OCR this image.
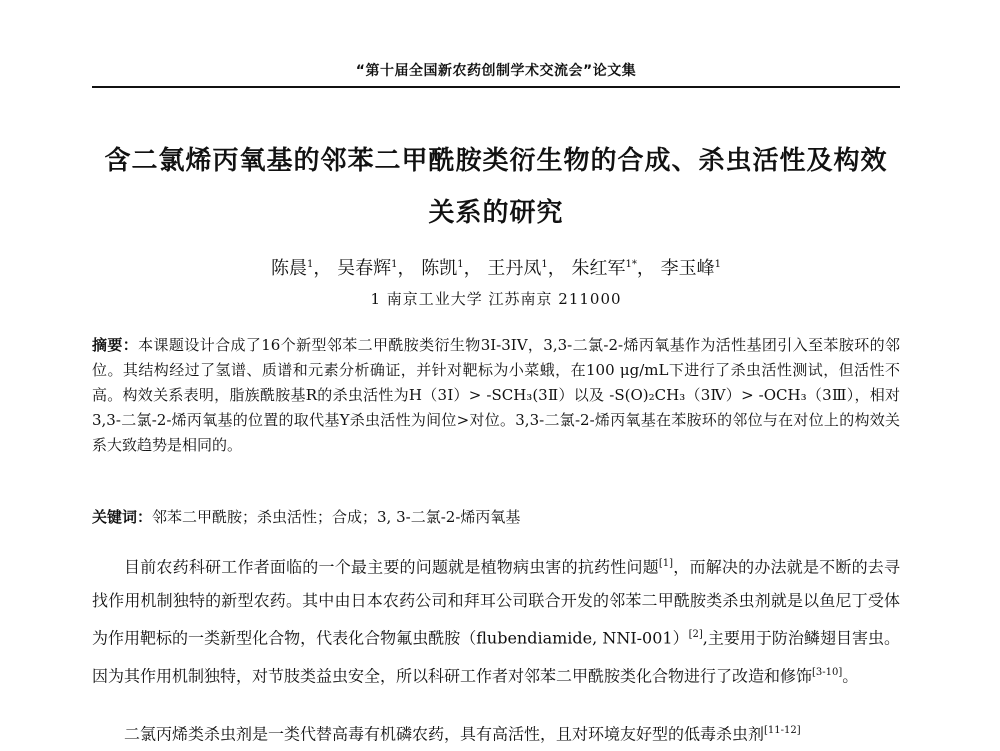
“第十届全国新农药创制学术交流会”论文集
含二氯烯丙氧基的邻苯二甲酰胺类衍生物的合成、杀虫活性及构效
关系的研究
陈晨$^1$， 吴春辉$^1$， 陈凯$^1$， 王丹凤$^1$， 朱红军$^{1*}$， 李玉峰$^1$
1 南京工业大学 江苏南京 211000
摘要：本课题设计合成了16个新型邻苯二甲酰胺类衍生物3I-3IV，3,3-二氯-2-烯丙氧基作为活性基团引入至苯胺环的邻位。其结构经过了氢谱、质谱和元素分析确证，并针对靶标为小菜蛾，在100 μg/mL下进行了杀虫活性测试，但活性不高。构效关系表明，脂族酰胺基R的杀虫活性为H（3Ⅰ）> -SCH₃(3Ⅱ）以及 -S(O)₂CH₃（3Ⅳ）> -OCH₃（3Ⅲ），相对3,3-二氯-2-烯丙氧基的位置的取代基Y杀虫活性为间位>对位。3,3-二氯-2-烯丙氧基在苯胺环的邻位与在对位上的构效关系大致趋势是相同的。
关键词：邻苯二甲酰胺；杀虫活性；合成；3, 3-二氯-2-烯丙氧基
目前农药科研工作者面临的一个最主要的问题就是植物病虫害的抗药性问题[1]，而解决的办法就是不断的去寻找作用机制独特的新型农药。其中由日本农药公司和拜耳公司联合开发的邻苯二甲酰胺类杀虫剂就是以鱼尼丁受体为作用靶标的一类新型化合物，代表化合物氟虫酰胺（flubendiamide, NNI-001）[2],主要用于防治鳞翅目害虫。因为其作用机制独特，对节肢类益虫安全，所以科研工作者对邻苯二甲酰胺类化合物进行了改造和修饰[3-10]。
二氯丙烯类杀虫剂是一类代替高毒有机磷农药，具有高活性，且对环境友好型的低毒杀虫剂[11-12]
